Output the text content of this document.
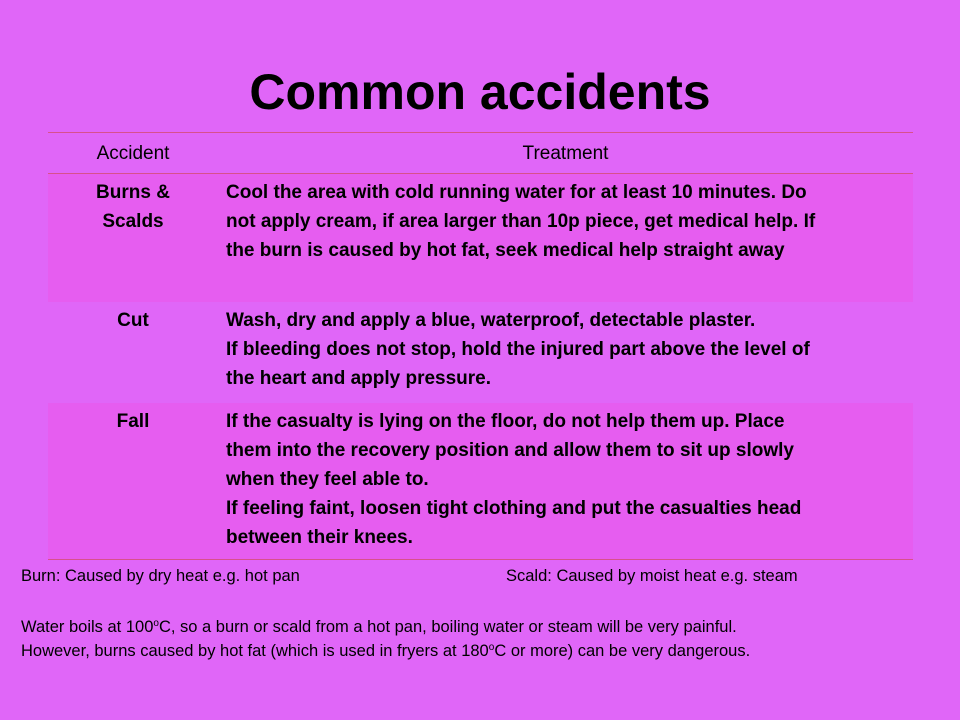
Common accidents
Accident	Treatment

Burns &
Scalds	Cool the area with cold running water for at least 10 minutes. Do
not apply cream, if area larger than 10p piece, get medical help. If
the burn is caused by hot fat, seek medical help straight away

Cut	Wash, dry and apply a blue, waterproof, detectable plaster.
If bleeding does not stop, hold the injured part above the level of
the heart and apply pressure.

Fall	If the casualty is lying on the floor, do not help them up. Place
them into the recovery position and allow them to sit up slowly
when they feel able to.
If feeling faint, loosen tight clothing and put the casualties head
between their knees.
Burn: Caused by dry heat e.g. hot pan	Scald: Caused by moist heat e.g. steam
Water boils at 100$^o$C, so a burn or scald from a hot pan, boiling water or steam will be very painful.
However, burns caused by hot fat (which is used in fryers at 180$^o$C or more) can be very dangerous.
